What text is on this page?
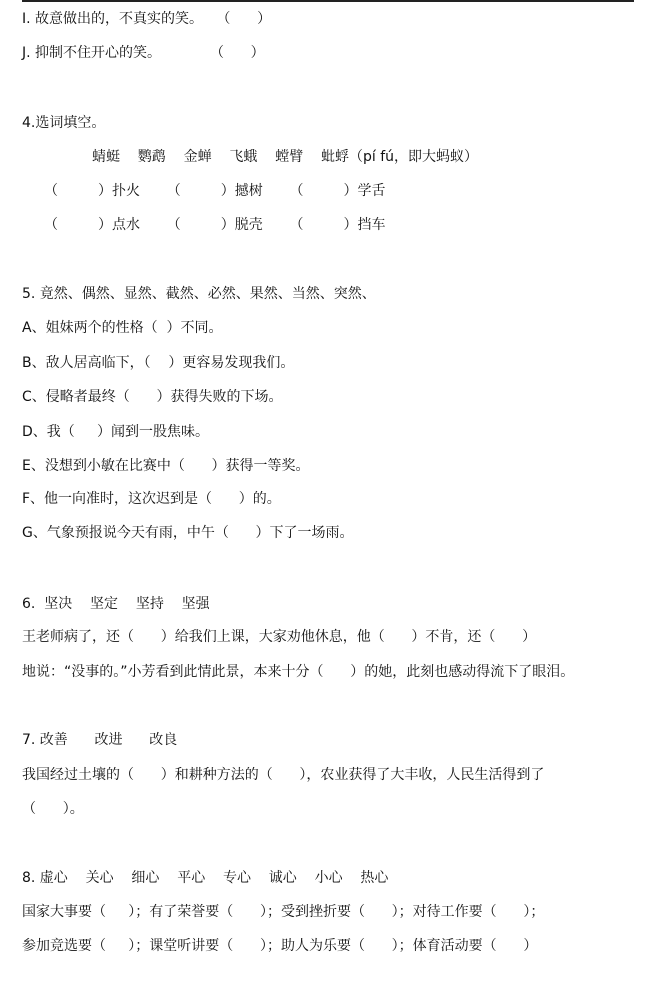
I. 故意做出的，不真实的笑。   （      ）
J. 抑制不住开心的笑。           （      ）
4.选词填空。
蜻蜓    鹦鹉    金蝉    飞蛾    螳臂    蚍蜉（pí fú，即大蚂蚁）
（         ）扑火      （         ）撼树      （         ）学舌
（         ）点水      （         ）脱壳      （         ）挡车
5. 竟然、偶然、显然、截然、必然、果然、当然、突然、
A、姐妹两个的性格（  ）不同。
B、敌人居高临下，（    ）更容易发现我们。
C、侵略者最终（      ）获得失败的下场。
D、我（     ）闻到一股焦味。
E、没想到小敏在比赛中（      ）获得一等奖。
F、他一向准时，这次迟到是（      ）的。
G、气象预报说今天有雨，中午（      ）下了一场雨。
6.  坚决    坚定    坚持    坚强
王老师病了，还（      ）给我们上课，大家劝他休息，他（      ）不肯，还（      ）
地说：“没事的。”小芳看到此情此景，本来十分（      ）的她，此刻也感动得流下了眼泪。
7. 改善      改进      改良
我国经过土壤的（      ）和耕种方法的（      ），农业获得了大丰收，人民生活得到了
（      ）。
8. 虚心    关心    细心    平心    专心    诚心    小心    热心
国家大事要（     ）；有了荣誉要（      ）；受到挫折要（      ）；对待工作要（      ）；
参加竞选要（     ）；课堂听讲要（      ）；助人为乐要（      ）；体育活动要（      ）
